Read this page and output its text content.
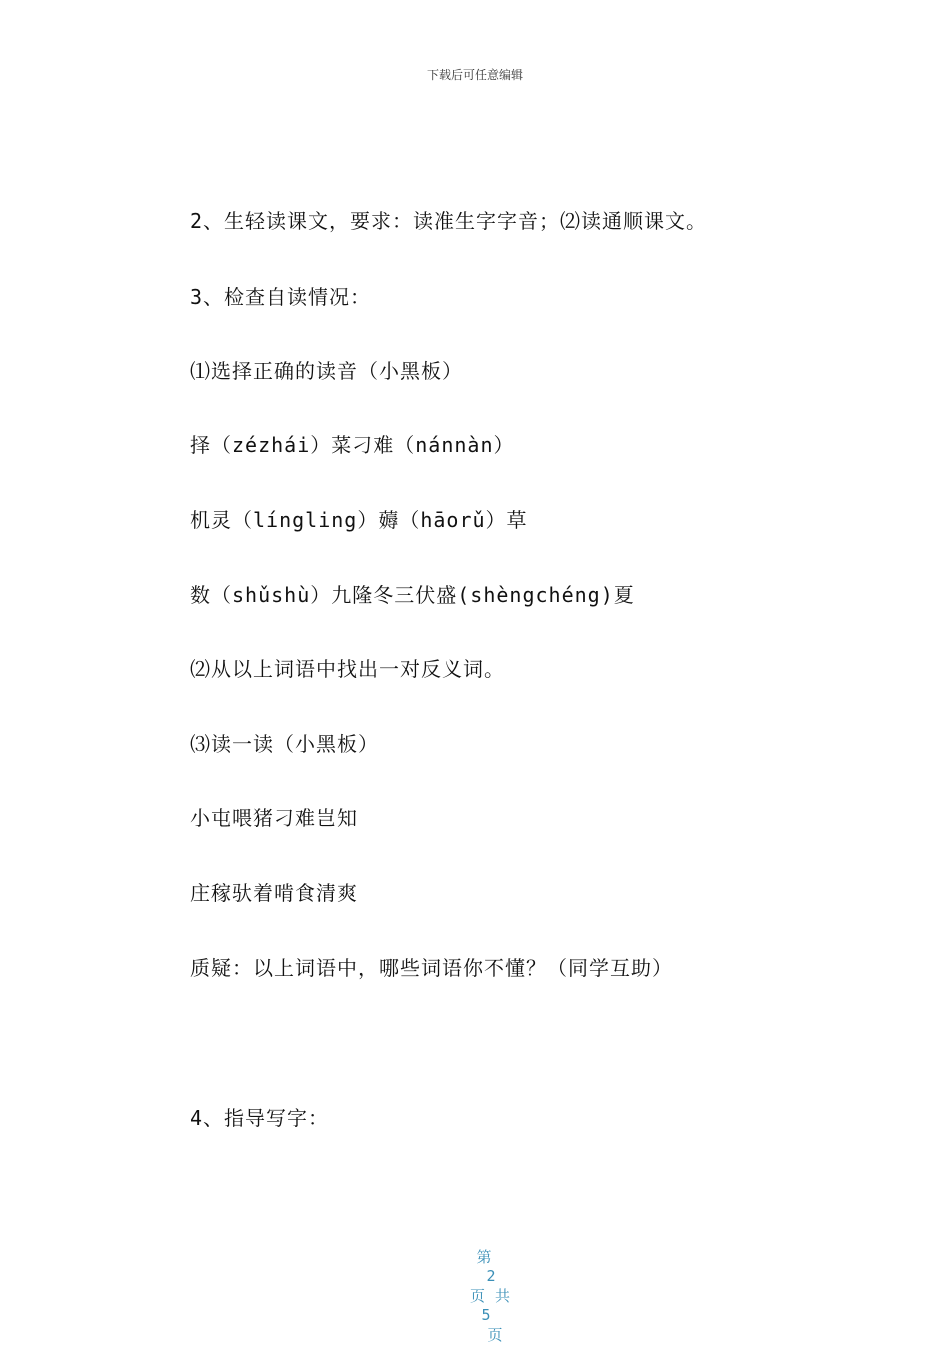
下载后可任意编辑
2、生轻读课文，要求：读准生字字音；⑵读通顺课文。
3、检查自读情况：
⑴选择正确的读音（小黑板）
择（zézhái）菜刁难（nánnàn）
机灵（língling）薅（hāorǔ）草
数（shǔshù）九隆冬三伏盛(shèngchéng)夏
⑵从以上词语中找出一对反义词。
⑶读一读（小黑板）
小屯喂猪刁难岂知
庄稼驮着啃食清爽
质疑：以上词语中，哪些词语你不懂？（同学互助）
4、指导写字：

第
2
页共
5
页
